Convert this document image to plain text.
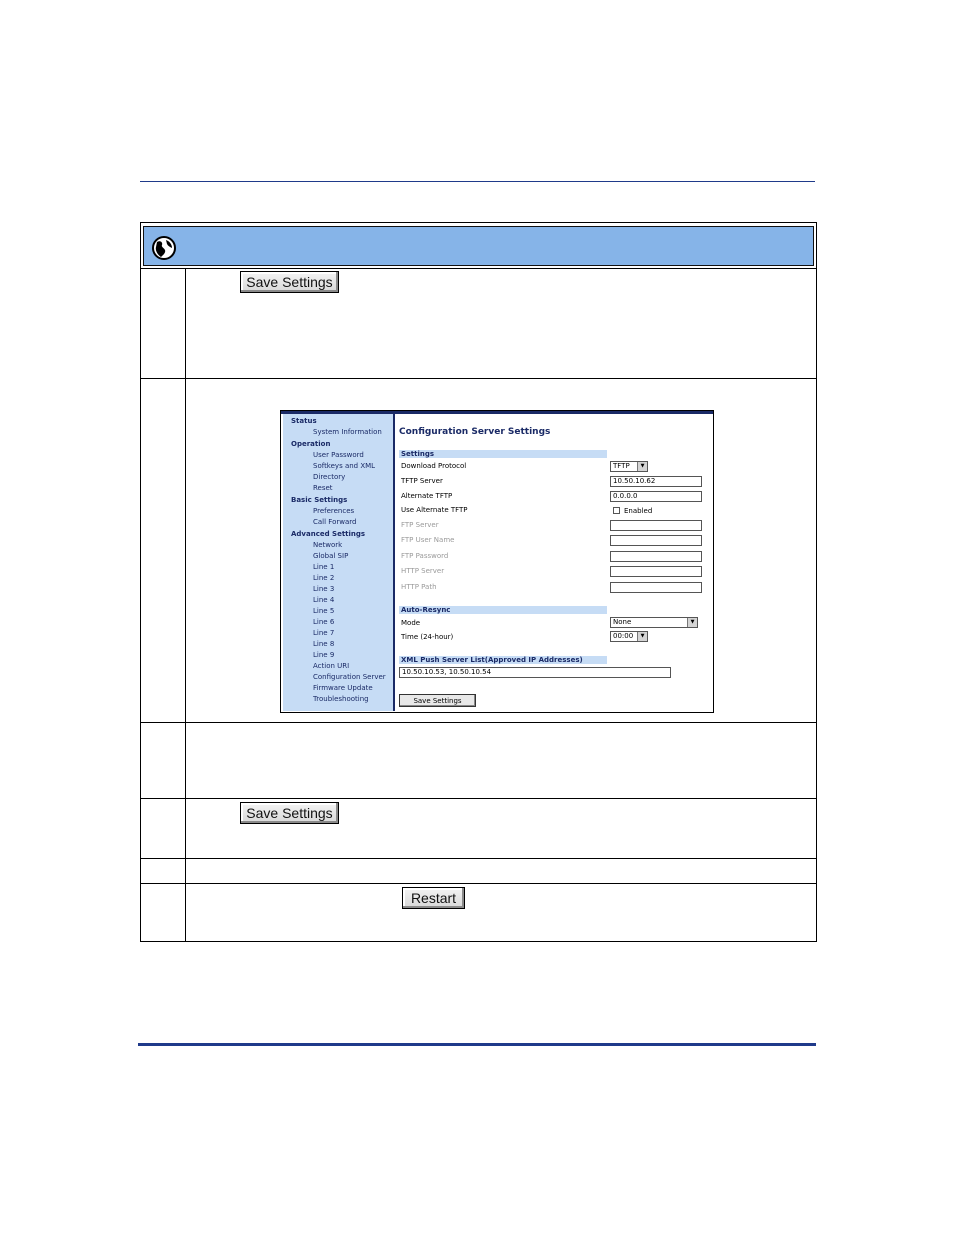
Save Settings
Status
System Information
Operation
User Password
Softkeys and XML
Directory
Reset
Basic Settings
Preferences
Call Forward
Advanced Settings
Network
Global SIP
Line 1
Line 2
Line 3
Line 4
Line 5
Line 6
Line 7
Line 8
Line 9
Action URI
Configuration Server
Firmware Update
Troubleshooting
Configuration Server Settings
Settings
Download Protocol	TFTP	▼
TFTP Server	10.50.10.62
Alternate TFTP	0.0.0.0
Use Alternate TFTP	Enabled
FTP Server
FTP User Name
FTP Password
HTTP Server
HTTP Path
Auto-Resync
Mode	None	▼
Time (24-hour)	00:00	▼
XML Push Server List(Approved IP Addresses)
10.50.10.53, 10.50.10.54
Save Settings
Save Settings
Restart
